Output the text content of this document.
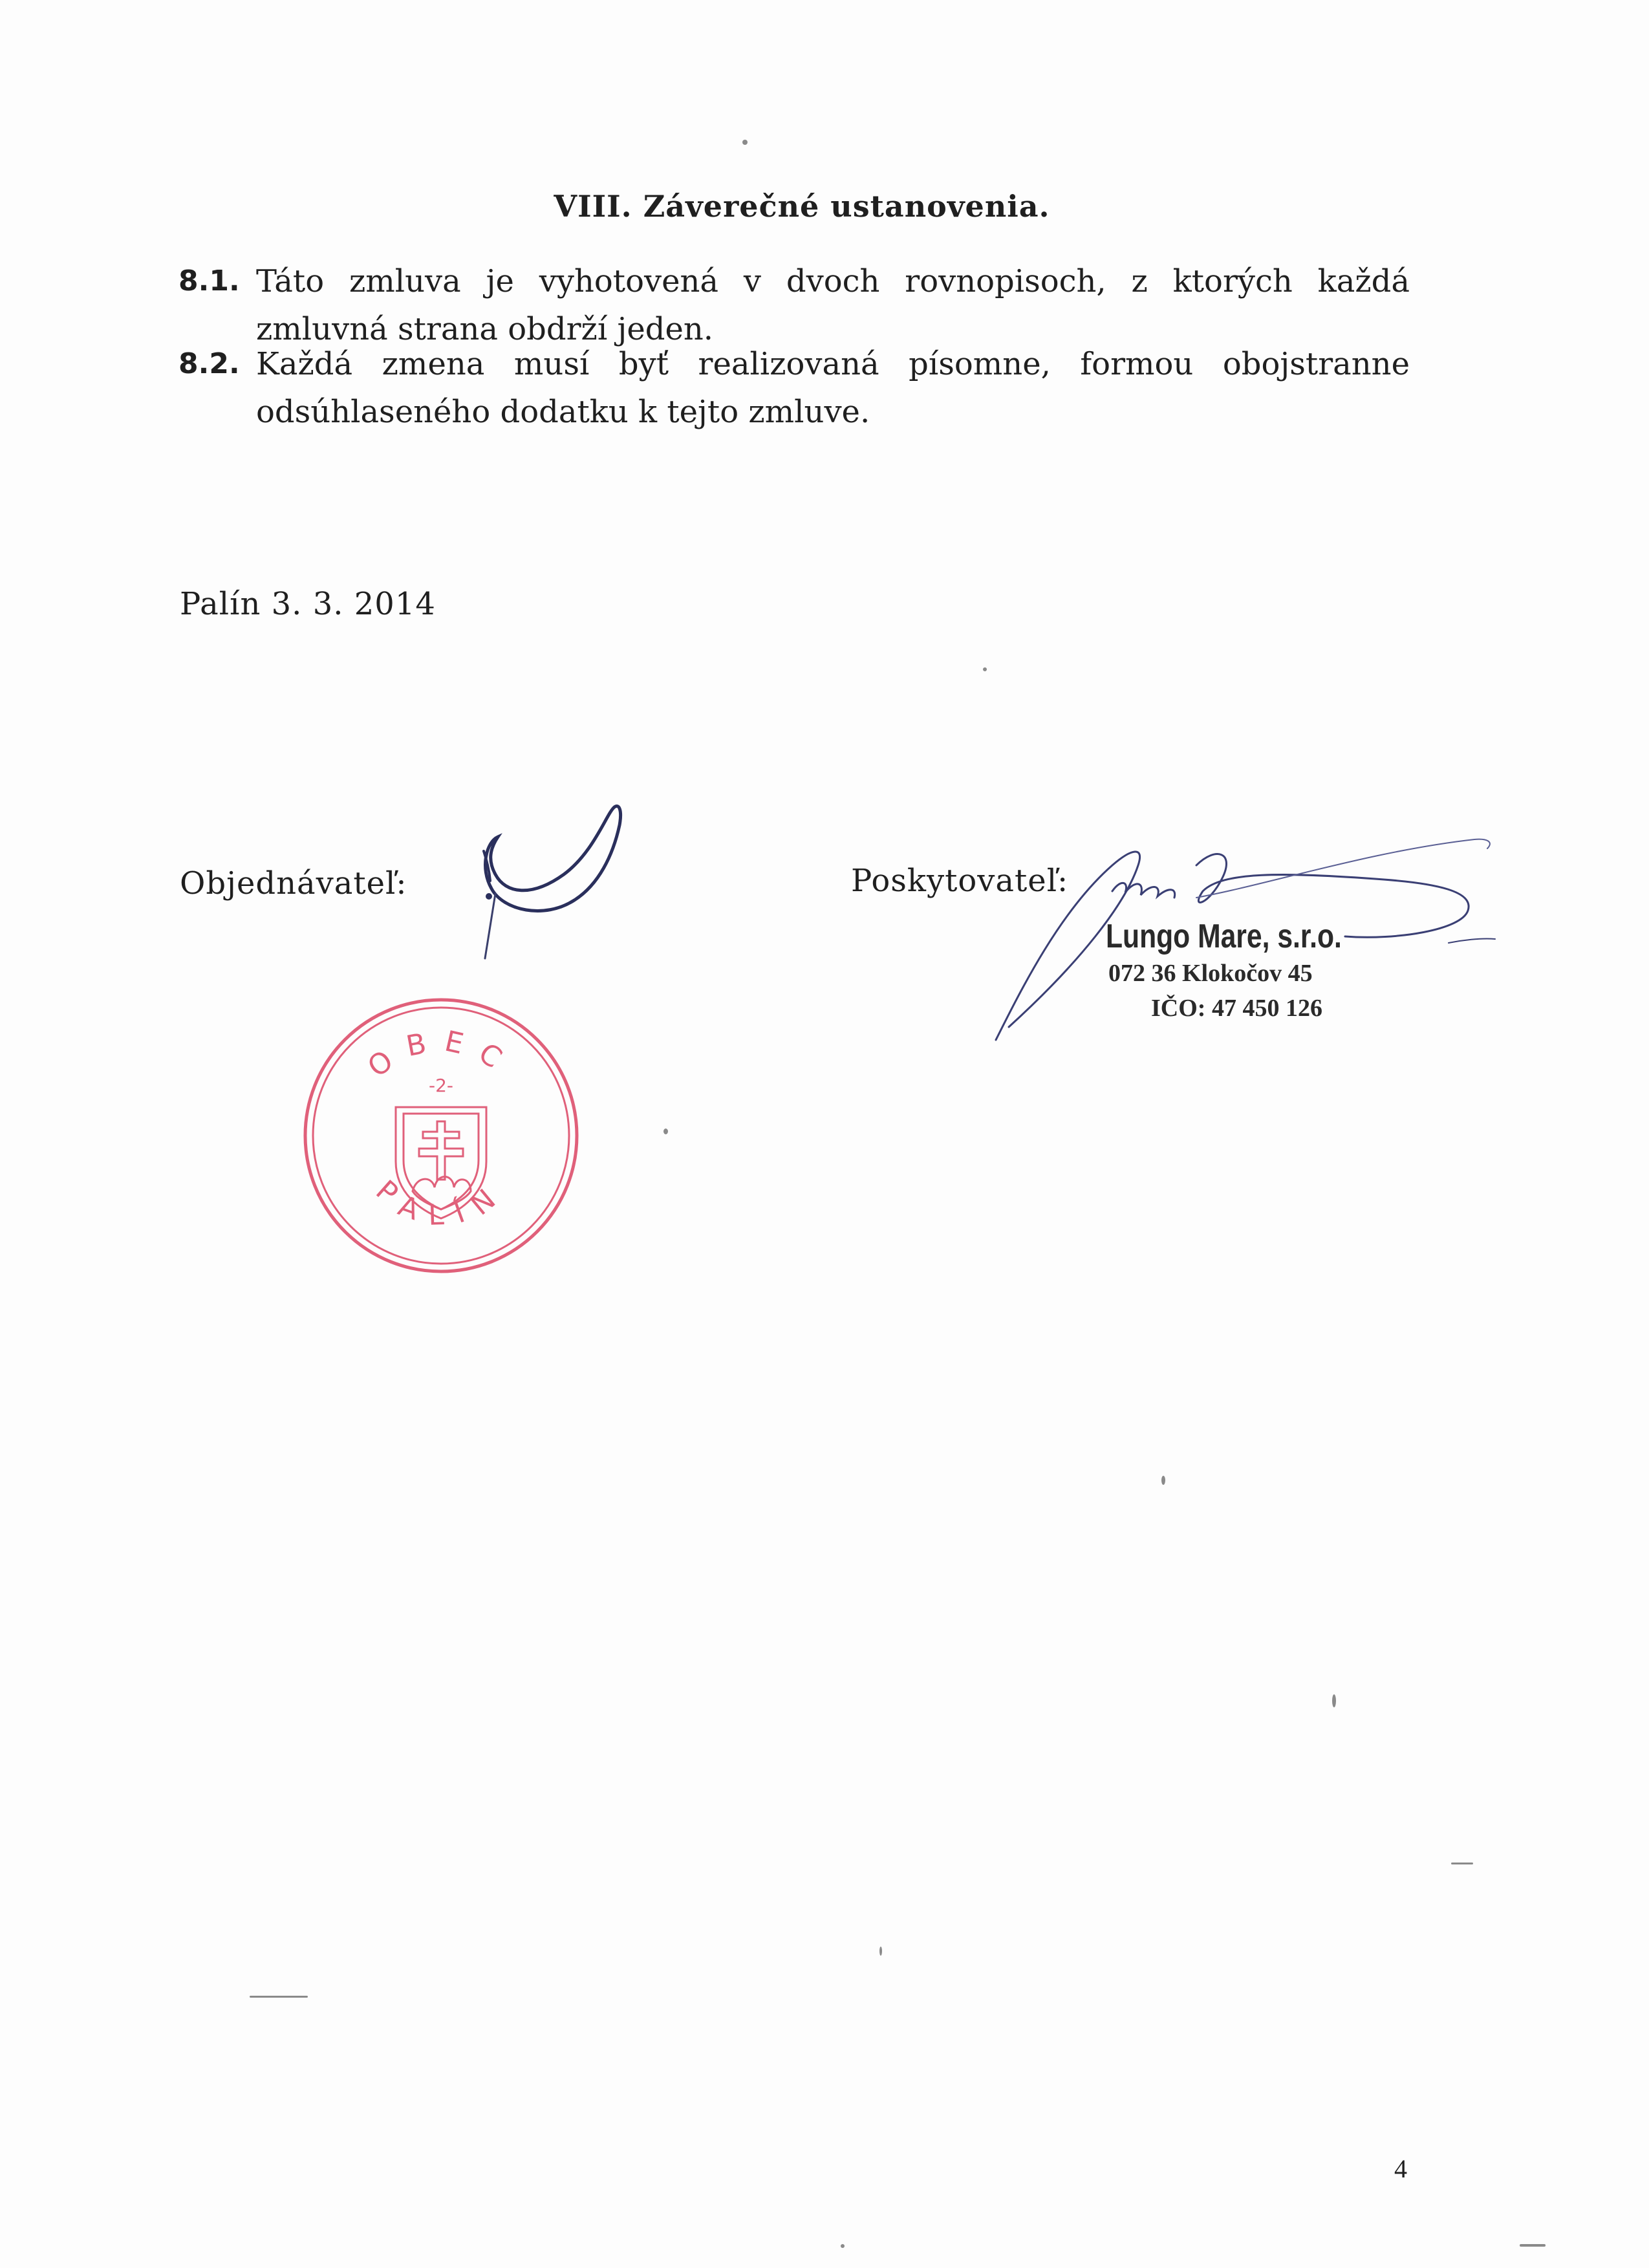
VIII. Záverečné ustanovenia.
8.1. Táto zmluva je vyhotovená v dvoch rovnopisoch, z ktorých každá zmluvná strana obdrží jeden.
8.2. Každá zmena musí byť realizovaná písomne, formou obojstranne odsúhlaseného dodatku k tejto zmluve.
Palín 3. 3. 2014
Objednávateľ:	Poskytovateľ:
Lungo Mare, s.r.o.
072 36 Klokočov 45
IČO: 47 450 126
OBEC
-2-
PALÍN
4
